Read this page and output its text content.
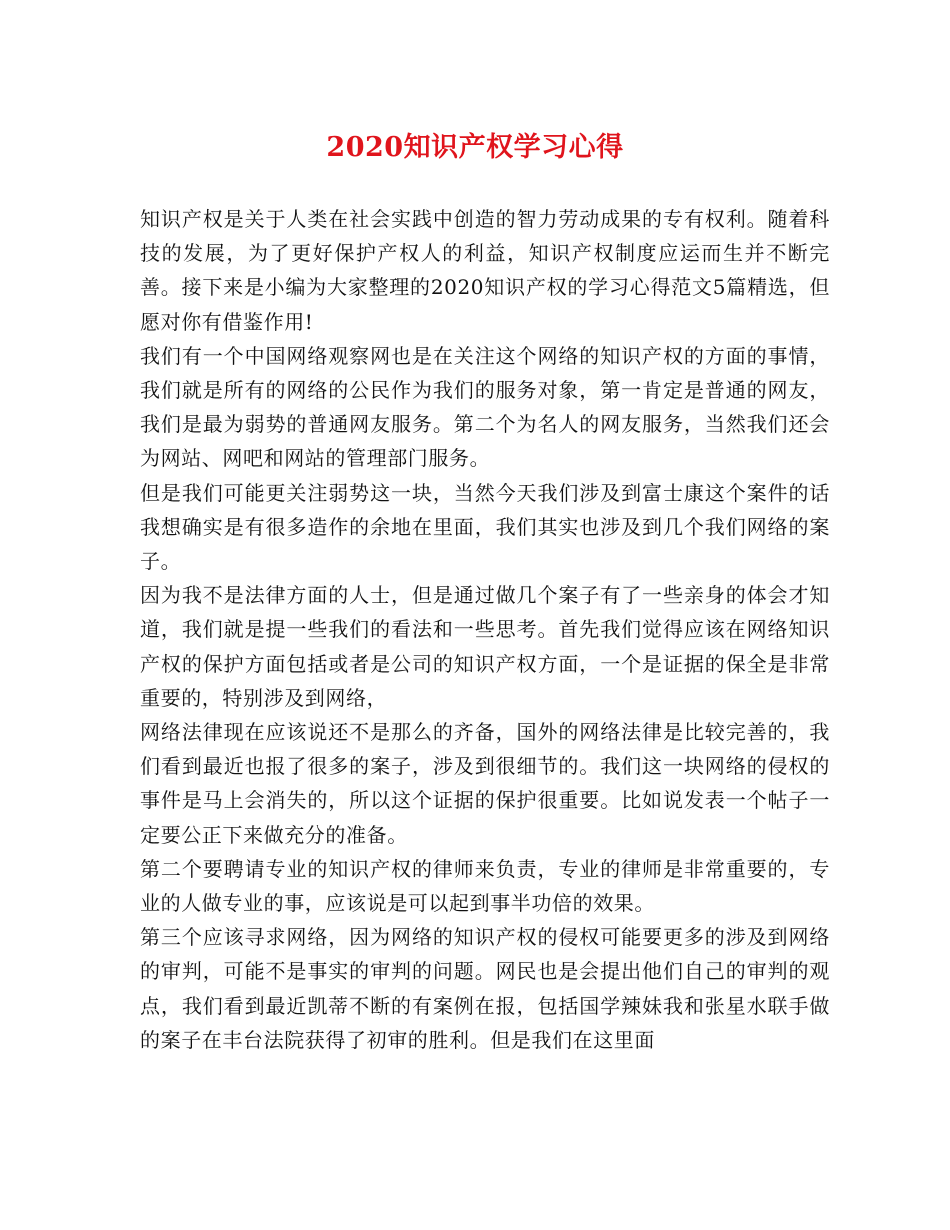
2020知识产权学习心得

知识产权是关于人类在社会实践中创造的智力劳动成果的专有权利。随着科技的发展，为了更好保护产权人的利益，知识产权制度应运而生并不断完善。接下来是小编为大家整理的2020知识产权的学习心得范文5篇精选，但愿对你有借鉴作用!

我们有一个中国网络观察网也是在关注这个网络的知识产权的方面的事情，我们就是所有的网络的公民作为我们的服务对象，第一肯定是普通的网友，我们是最为弱势的普通网友服务。第二个为名人的网友服务，当然我们还会为网站、网吧和网站的管理部门服务。

但是我们可能更关注弱势这一块，当然今天我们涉及到富士康这个案件的话我想确实是有很多造作的余地在里面，我们其实也涉及到几个我们网络的案子。

因为我不是法律方面的人士，但是通过做几个案子有了一些亲身的体会才知道，我们就是提一些我们的看法和一些思考。首先我们觉得应该在网络知识产权的保护方面包括或者是公司的知识产权方面，一个是证据的保全是非常重要的，特别涉及到网络，

网络法律现在应该说还不是那么的齐备，国外的网络法律是比较完善的，我们看到最近也报了很多的案子，涉及到很细节的。我们这一块网络的侵权的事件是马上会消失的，所以这个证据的保护很重要。比如说发表一个帖子一定要公正下来做充分的准备。

第二个要聘请专业的知识产权的律师来负责，专业的律师是非常重要的，专业的人做专业的事，应该说是可以起到事半功倍的效果。

第三个应该寻求网络，因为网络的知识产权的侵权可能要更多的涉及到网络的审判，可能不是事实的审判的问题。网民也是会提出他们自己的审判的观点，我们看到最近凯蒂不断的有案例在报，包括国学辣妹我和张星水联手做的案子在丰台法院获得了初审的胜利。但是我们在这里面
